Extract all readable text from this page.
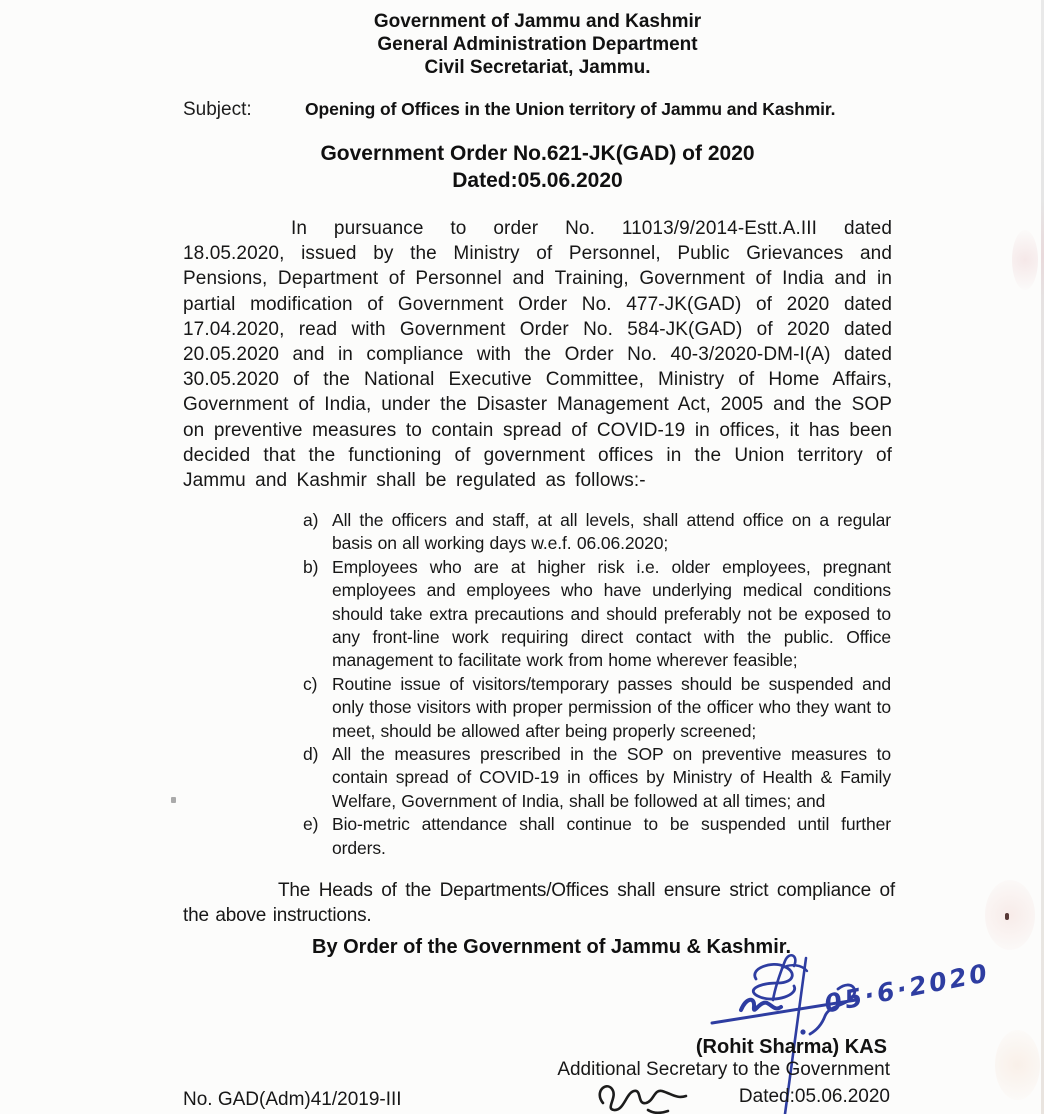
Government of Jammu and Kashmir
General Administration Department
Civil Secretariat, Jammu.
Subject:	Opening of Offices in the Union territory of Jammu and Kashmir.
Government Order No.621-JK(GAD) of 2020
Dated:05.06.2020

In pursuance to order No. 11013/9/2014-Estt.A.III dated 18.05.2020, issued by the Ministry of Personnel, Public Grievances and Pensions, Department of Personnel and Training, Government of India and in partial modification of Government Order No. 477-JK(GAD) of 2020 dated 17.04.2020, read with Government Order No. 584-JK(GAD) of 2020 dated 20.05.2020 and in compliance with the Order No. 40-3/2020-DM-I(A) dated 30.05.2020 of the National Executive Committee, Ministry of Home Affairs, Government of India, under the Disaster Management Act, 2005 and the SOP on preventive measures to contain spread of COVID-19 in offices, it has been decided that the functioning of government offices in the Union territory of Jammu and Kashmir shall be regulated as follows:-

a) All the officers and staff, at all levels, shall attend office on a regular basis on all working days w.e.f. 06.06.2020;
b) Employees who are at higher risk i.e. older employees, pregnant employees and employees who have underlying medical conditions should take extra precautions and should preferably not be exposed to any front-line work requiring direct contact with the public. Office management to facilitate work from home wherever feasible;
c) Routine issue of visitors/temporary passes should be suspended and only those visitors with proper permission of the officer who they want to meet, should be allowed after being properly screened;
d) All the measures prescribed in the SOP on preventive measures to contain spread of COVID-19 in offices by Ministry of Health & Family Welfare, Government of India, shall be followed at all times; and
e) Bio-metric attendance shall continue to be suspended until further orders.

The Heads of the Departments/Offices shall ensure strict compliance of the above instructions.

By Order of the Government of Jammu & Kashmir.
05·6·2020
(Rohit Sharma) KAS
Additional Secretary to the Government
No. GAD(Adm)41/2019-III	Dated:05.06.2020
